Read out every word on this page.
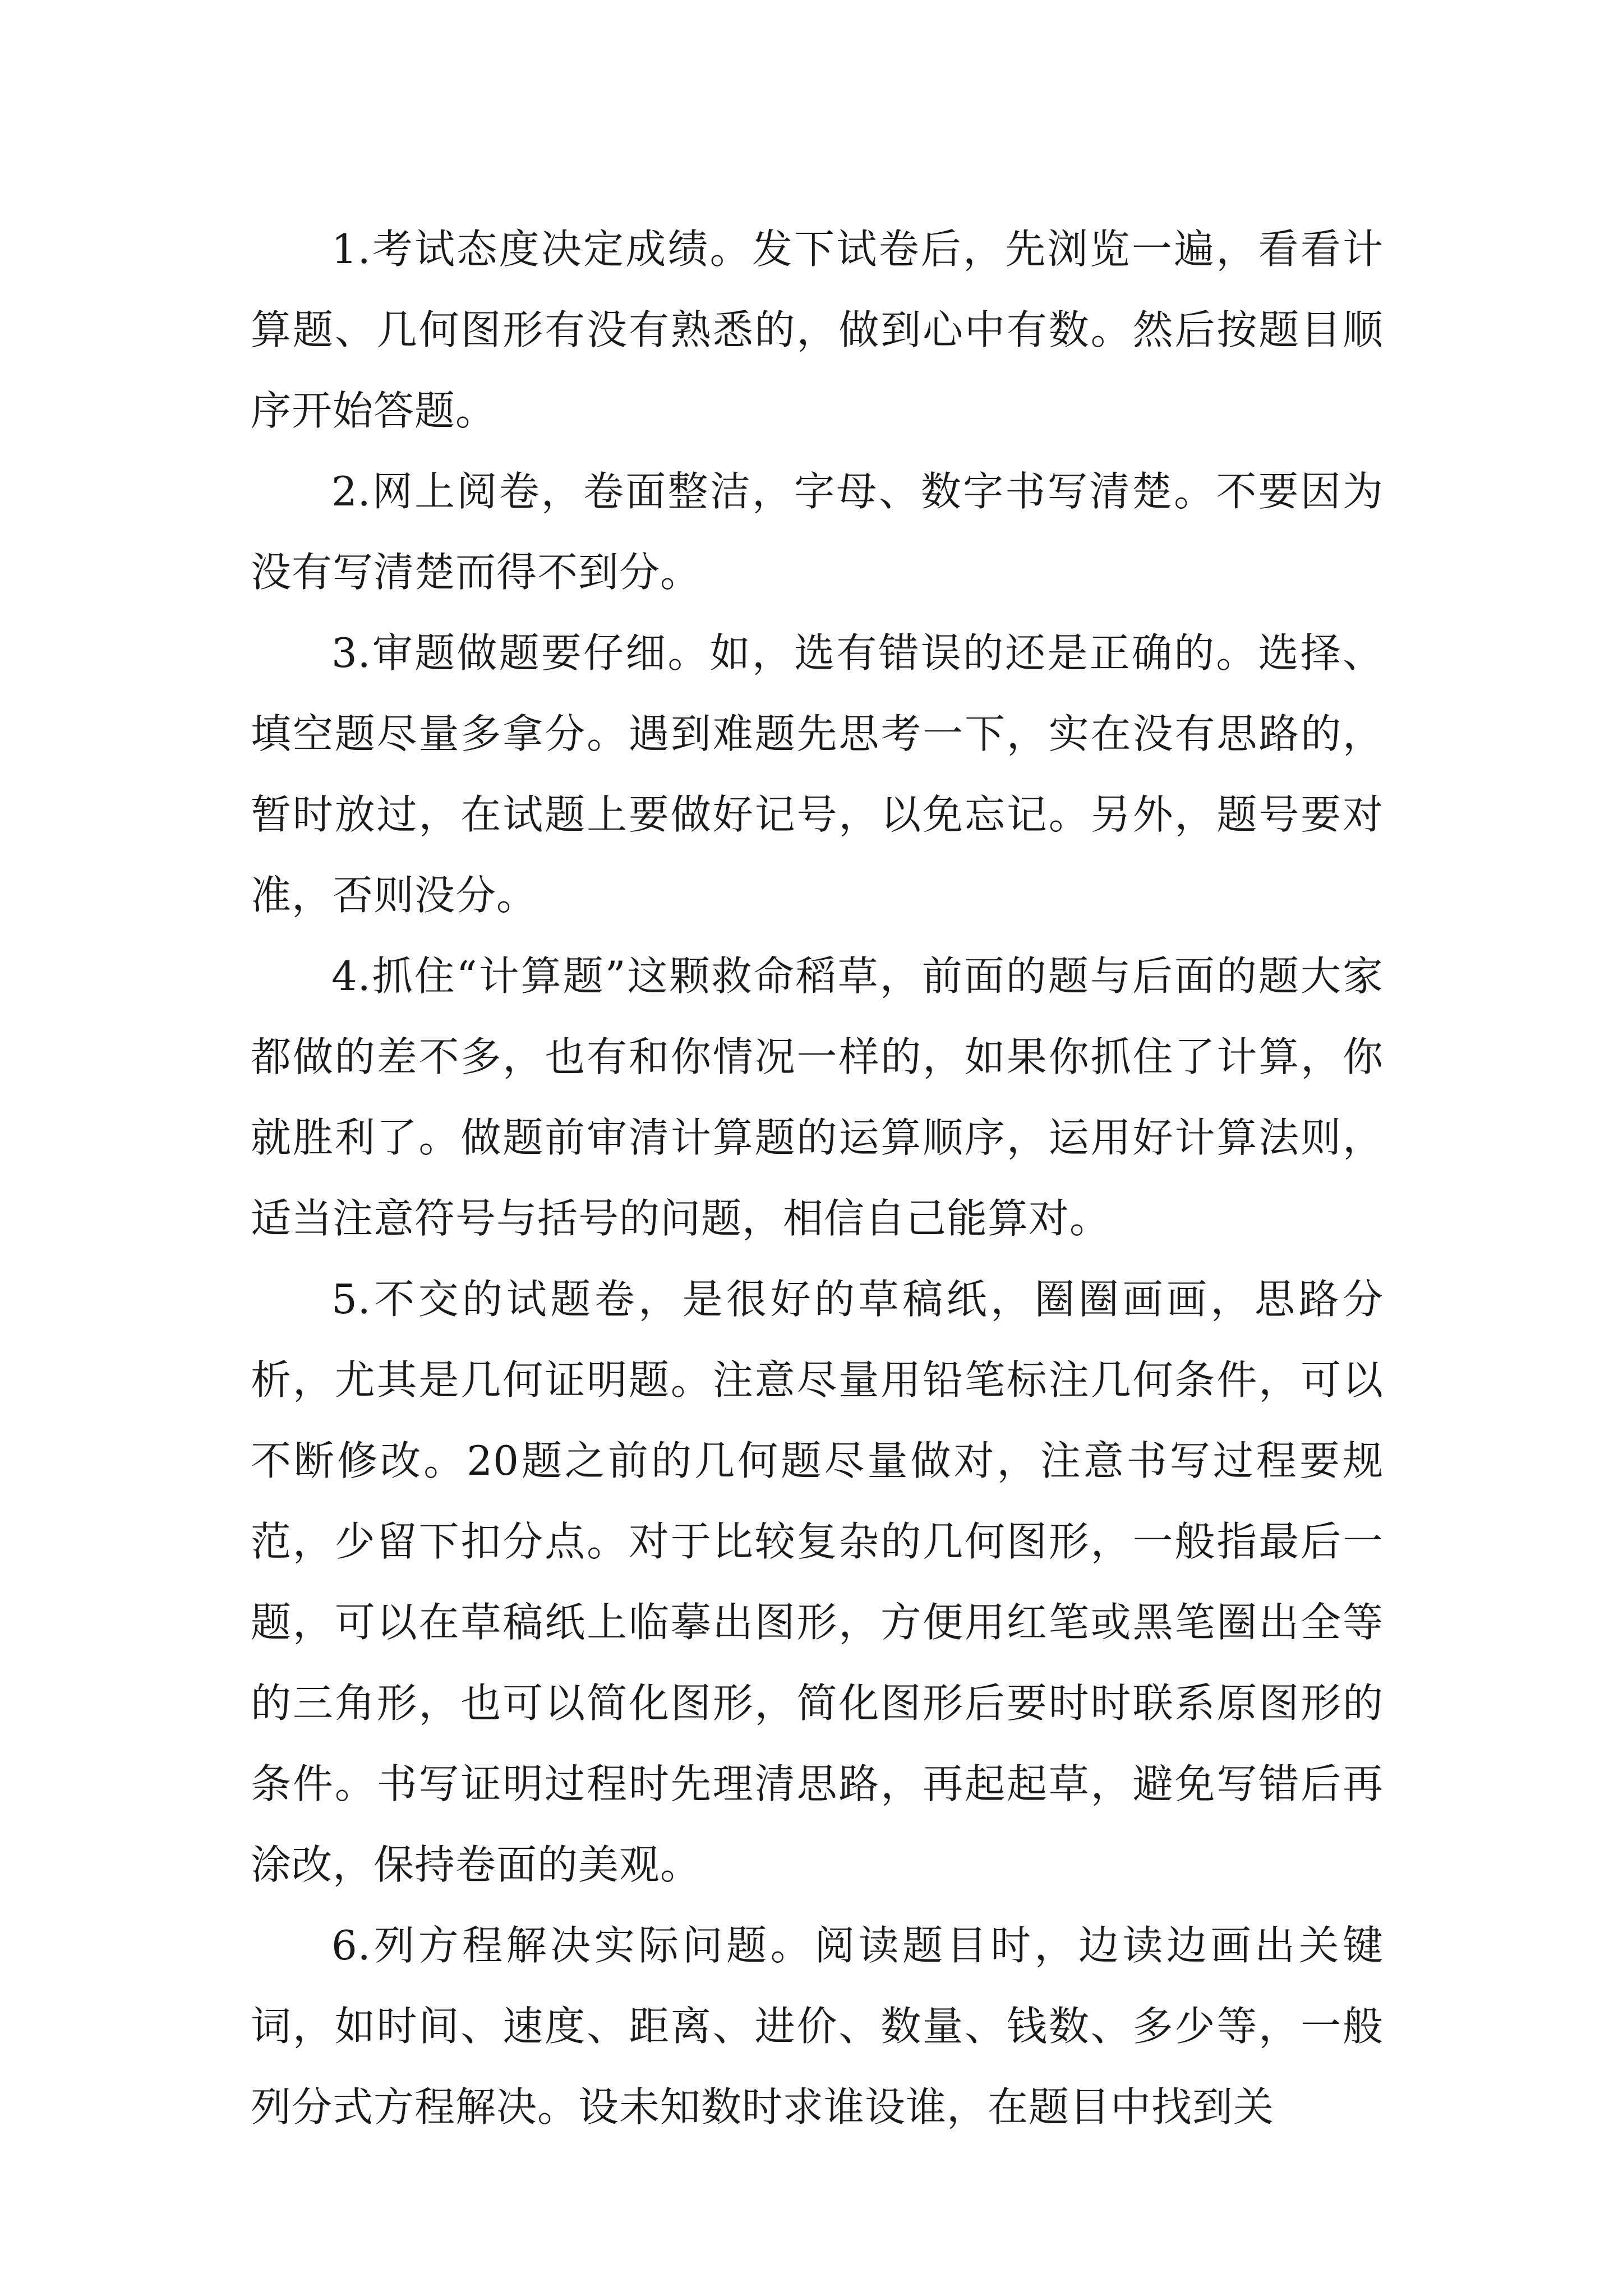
1.考试态度决定成绩。发下试卷后，先浏览一遍，看看计算题、几何图形有没有熟悉的，做到心中有数。然后按题目顺序开始答题。

2.网上阅卷，卷面整洁，字母、数字书写清楚。不要因为没有写清楚而得不到分。

3.审题做题要仔细。如，选有错误的还是正确的。选择、填空题尽量多拿分。遇到难题先思考一下，实在没有思路的，暂时放过，在试题上要做好记号，以免忘记。另外，题号要对准，否则没分。

4.抓住“计算题”这颗救命稻草，前面的题与后面的题大家都做的差不多，也有和你情况一样的，如果你抓住了计算，你就胜利了。做题前审清计算题的运算顺序，运用好计算法则，适当注意符号与括号的问题，相信自己能算对。

5.不交的试题卷，是很好的草稿纸，圈圈画画，思路分析，尤其是几何证明题。注意尽量用铅笔标注几何条件，可以不断修改。20题之前的几何题尽量做对，注意书写过程要规范，少留下扣分点。对于比较复杂的几何图形，一般指最后一题，可以在草稿纸上临摹出图形，方便用红笔或黑笔圈出全等的三角形，也可以简化图形，简化图形后要时时联系原图形的条件。书写证明过程时先理清思路，再起起草，避免写错后再涂改，保持卷面的美观。

6.列方程解决实际问题。阅读题目时，边读边画出关键词，如时间、速度、距离、进价、数量、钱数、多少等，一般列分式方程解决。设未知数时求谁设谁，在题目中找到关
